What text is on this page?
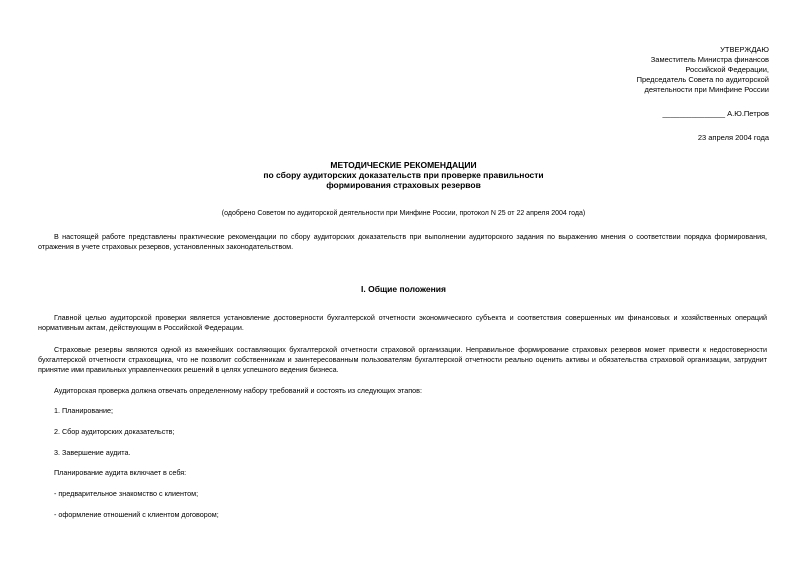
УТВЕРЖДАЮ
Заместитель Министра финансов
Российской Федерации,
Председатель Совета по аудиторской
деятельности при Минфине России
_______________ А.Ю.Петров
23 апреля 2004 года
МЕТОДИЧЕСКИЕ РЕКОМЕНДАЦИИ
по сбору аудиторских доказательств при проверке правильности
формирования страховых резервов
(одобрено Советом по аудиторской деятельности при Минфине России, протокол N 25 от 22 апреля 2004 года)

В настоящей работе представлены практические рекомендации по сбору аудиторских доказательств при выполнении аудиторского задания по выражению мнения о соответствии порядка формирования, отражения в учете страховых резервов, установленных законодательством.

I. Общие положения

Главной целью аудиторской проверки является установление достоверности бухгалтерской отчетности экономического субъекта и соответствия совершенных им финансовых и хозяйственных операций нормативным актам, действующим в Российской Федерации.

Страховые резервы являются одной из важнейших составляющих бухгалтерской отчетности страховой организации. Неправильное формирование страховых резервов может привести к недостоверности бухгалтерской отчетности страховщика, что не позволит собственникам и заинтересованным пользователям бухгалтерской отчетности реально оценить активы и обязательства страховой организации, затруднит принятие ими правильных управленческих решений в целях успешного ведения бизнеса.

Аудиторская проверка должна отвечать определенному набору требований и состоять из следующих этапов:

1. Планирование;
2. Сбор аудиторских доказательств;
3. Завершение аудита.
Планирование аудита включает в себя:
- предварительное знакомство с клиентом;
- оформление отношений с клиентом договором;
